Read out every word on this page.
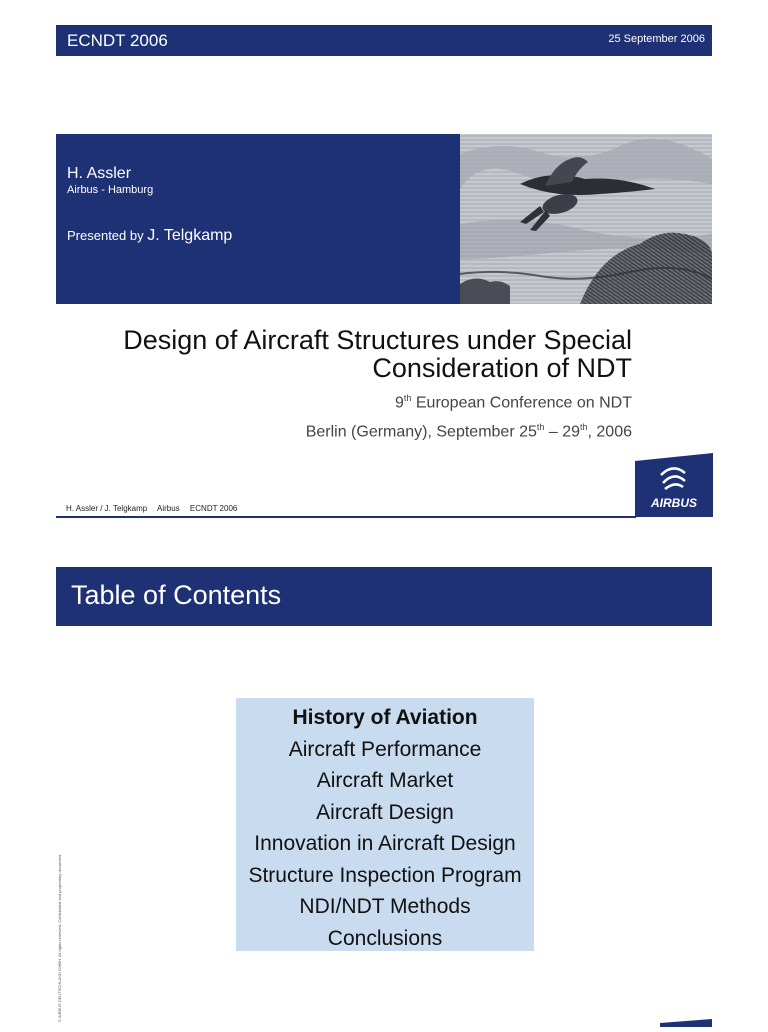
ECNDT 2006	25 September 2006
H. Assler
Airbus - Hamburg
Presented by J. Telgkamp
Design of Aircraft Structures under Special
Consideration of NDT
9th European Conference on NDT
Berlin (Germany), September 25th – 29th, 2006
AIRBUS
H. Assler / J. Telgkamp Airbus ECNDT 2006
Table of Contents
History of Aviation
Aircraft Performance
Aircraft Market
Aircraft Design
Innovation in Aircraft Design
Structure Inspection Program
NDI/NDT Methods
Conclusions
© AIRBUS DEUTSCHLAND GMBH. All rights reserved. Confidential and proprietary document.
